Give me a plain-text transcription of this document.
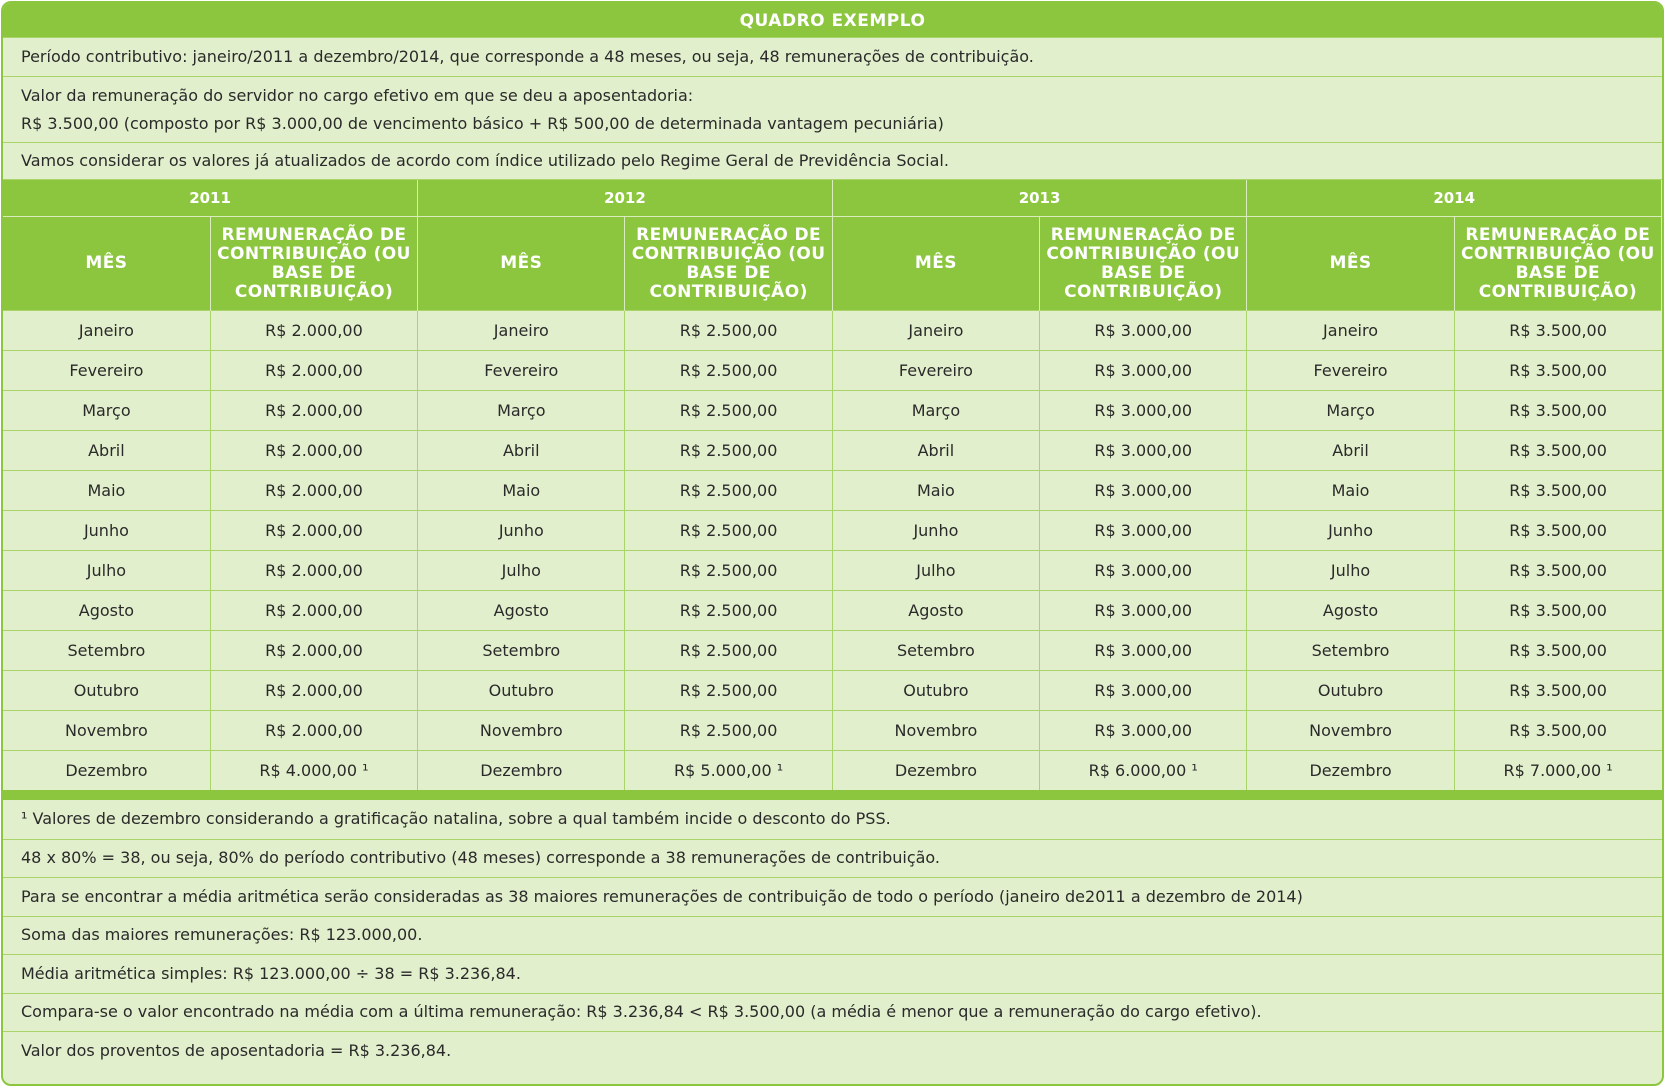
QUADRO EXEMPLO
Período contributivo: janeiro/2011 a dezembro/2014, que corresponde a 48 meses, ou seja, 48 remunerações de contribuição.
Valor da remuneração do servidor no cargo efetivo em que se deu a aposentadoria:
R$ 3.500,00 (composto por R$ 3.000,00 de vencimento básico + R$ 500,00 de determinada vantagem pecuniária)
Vamos considerar os valores já atualizados de acordo com índice utilizado pelo Regime Geral de Previdência Social.
2011		2012		2013		2014	
MÊS	REMUNERAÇÃO DE CONTRIBUIÇÃO (OU BASE DE CONTRIBUIÇÃO)	MÊS	REMUNERAÇÃO DE CONTRIBUIÇÃO (OU BASE DE CONTRIBUIÇÃO)	MÊS	REMUNERAÇÃO DE CONTRIBUIÇÃO (OU BASE DE CONTRIBUIÇÃO)	MÊS	REMUNERAÇÃO DE CONTRIBUIÇÃO (OU BASE DE CONTRIBUIÇÃO)
Janeiro	R$ 2.000,00	Janeiro	R$ 2.500,00	Janeiro	R$ 3.000,00	Janeiro	R$ 3.500,00
Fevereiro	R$ 2.000,00	Fevereiro	R$ 2.500,00	Fevereiro	R$ 3.000,00	Fevereiro	R$ 3.500,00
Março	R$ 2.000,00	Março	R$ 2.500,00	Março	R$ 3.000,00	Março	R$ 3.500,00
Abril	R$ 2.000,00	Abril	R$ 2.500,00	Abril	R$ 3.000,00	Abril	R$ 3.500,00
Maio	R$ 2.000,00	Maio	R$ 2.500,00	Maio	R$ 3.000,00	Maio	R$ 3.500,00
Junho	R$ 2.000,00	Junho	R$ 2.500,00	Junho	R$ 3.000,00	Junho	R$ 3.500,00
Julho	R$ 2.000,00	Julho	R$ 2.500,00	Julho	R$ 3.000,00	Julho	R$ 3.500,00
Agosto	R$ 2.000,00	Agosto	R$ 2.500,00	Agosto	R$ 3.000,00	Agosto	R$ 3.500,00
Setembro	R$ 2.000,00	Setembro	R$ 2.500,00	Setembro	R$ 3.000,00	Setembro	R$ 3.500,00
Outubro	R$ 2.000,00	Outubro	R$ 2.500,00	Outubro	R$ 3.000,00	Outubro	R$ 3.500,00
Novembro	R$ 2.000,00	Novembro	R$ 2.500,00	Novembro	R$ 3.000,00	Novembro	R$ 3.500,00
Dezembro	R$ 4.000,00 ¹	Dezembro	R$ 5.000,00 ¹	Dezembro	R$ 6.000,00 ¹	Dezembro	R$ 7.000,00 ¹
¹ Valores de dezembro considerando a gratificação natalina, sobre a qual também incide o desconto do PSS.
48 x 80% = 38, ou seja, 80% do período contributivo (48 meses) corresponde a 38 remunerações de contribuição.
Para se encontrar a média aritmética serão consideradas as 38 maiores remunerações de contribuição de todo o período (janeiro de2011 a dezembro de 2014)
Soma das maiores remunerações: R$ 123.000,00.
Média aritmética simples: R$ 123.000,00 ÷ 38 = R$ 3.236,84.
Compara-se o valor encontrado na média com a última remuneração: R$ 3.236,84 < R$ 3.500,00 (a média é menor que a remuneração do cargo efetivo).
Valor dos proventos de aposentadoria = R$ 3.236,84.
